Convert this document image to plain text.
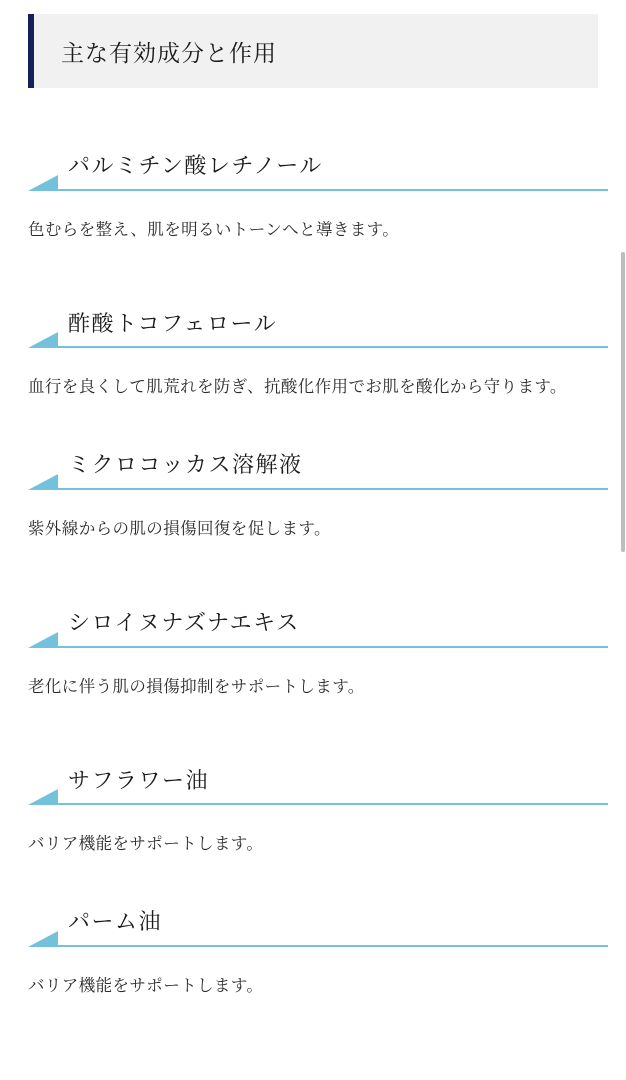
主な有効成分と作用
パルミチン酸レチノール
色むらを整え、肌を明るいトーンへと導きます。
酢酸トコフェロール
血行を良くして肌荒れを防ぎ、抗酸化作用でお肌を酸化から守ります。
ミクロコッカス溶解液
紫外線からの肌の損傷回復を促します。
シロイヌナズナエキス
老化に伴う肌の損傷抑制をサポートします。
サフラワー油
バリア機能をサポートします。
パーム油
バリア機能をサポートします。
